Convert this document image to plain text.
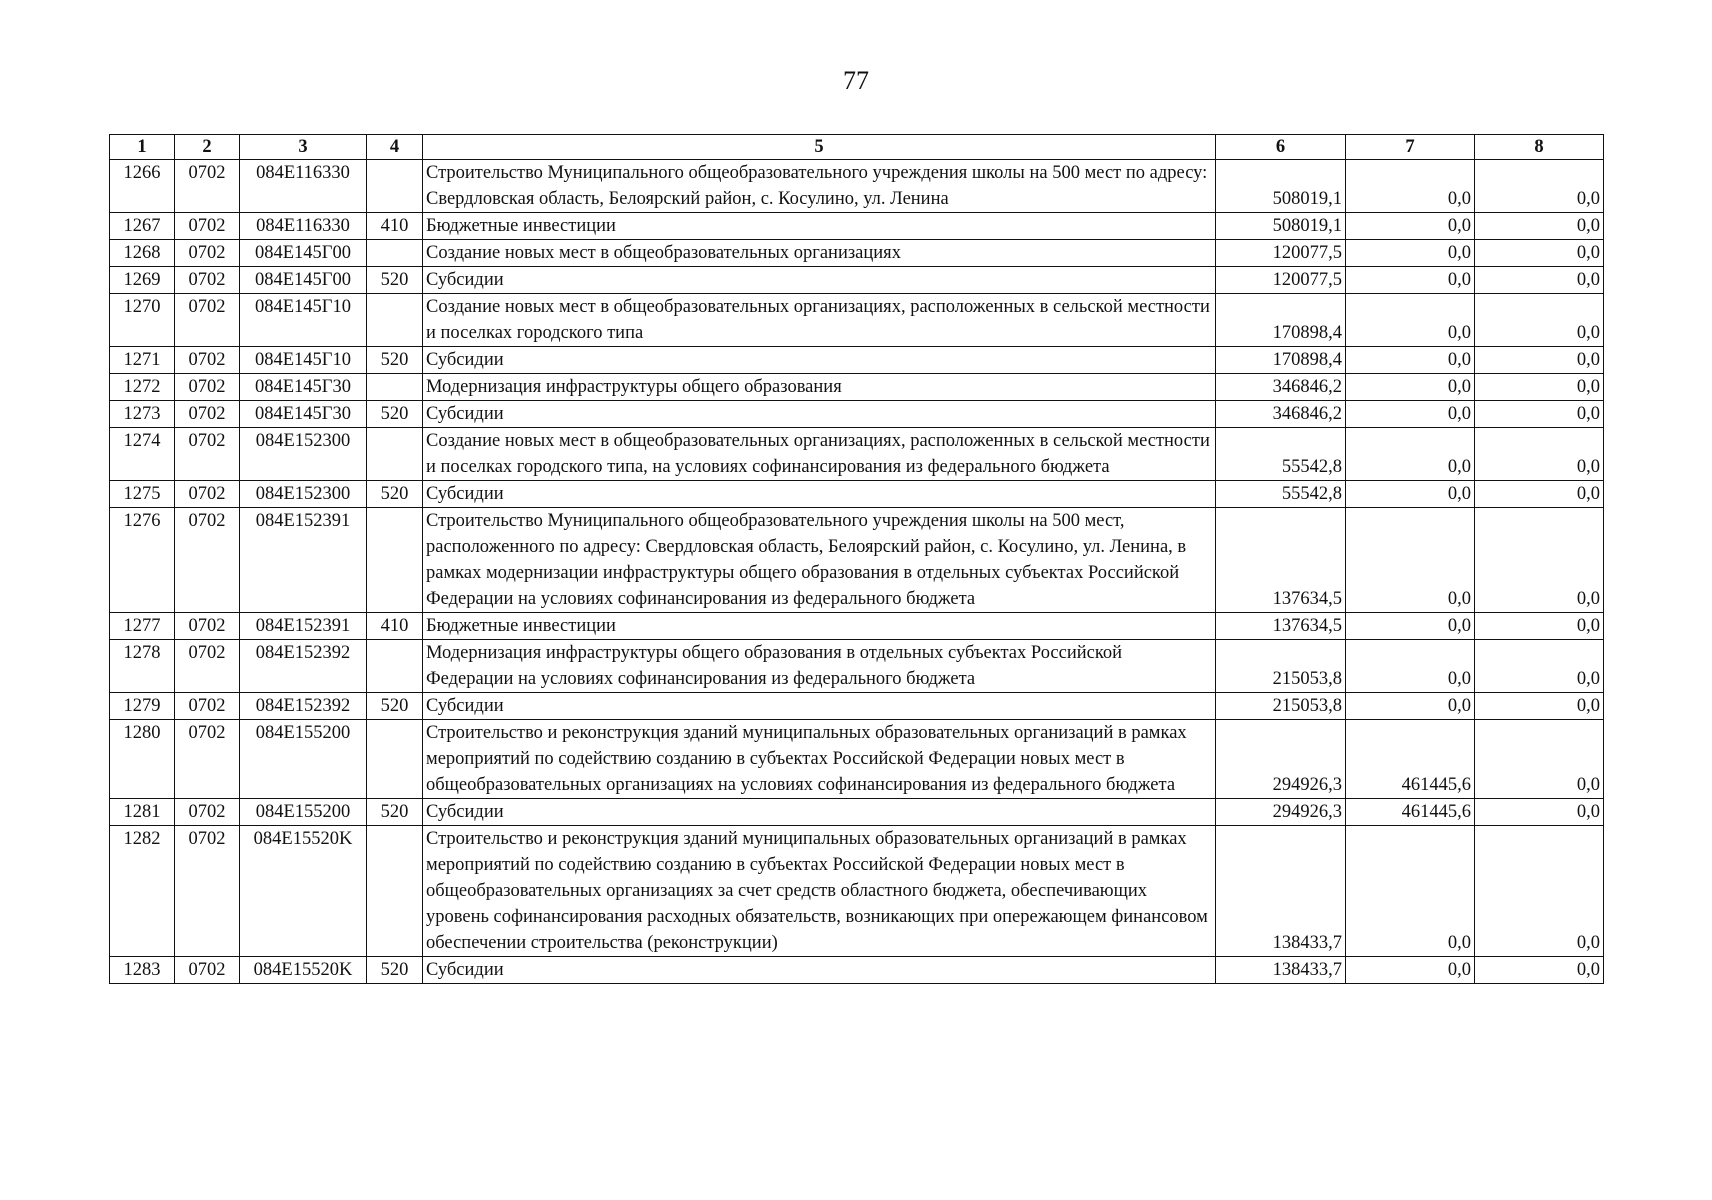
77
1	2	3	4	5	6	7	8
1266	0702	084E116330		Строительство Муниципального общеобразовательного учреждения школы на 500 мест по адресу: Свердловская область, Белоярский район, с. Косулино, ул. Ленина	508019,1	0,0	0,0
1267	0702	084E116330	410	Бюджетные инвестиции	508019,1	0,0	0,0
1268	0702	084E145Г00		Создание новых мест в общеобразовательных организациях	120077,5	0,0	0,0
1269	0702	084E145Г00	520	Субсидии	120077,5	0,0	0,0
1270	0702	084E145Г10		Создание новых мест в общеобразовательных организациях, расположенных в сельской местности и поселках городского типа	170898,4	0,0	0,0
1271	0702	084E145Г10	520	Субсидии	170898,4	0,0	0,0
1272	0702	084E145Г30		Модернизация инфраструктуры общего образования	346846,2	0,0	0,0
1273	0702	084E145Г30	520	Субсидии	346846,2	0,0	0,0
1274	0702	084E152300		Создание новых мест в общеобразовательных организациях, расположенных в сельской местности и поселках городского типа, на условиях софинансирования из федерального бюджета	55542,8	0,0	0,0
1275	0702	084E152300	520	Субсидии	55542,8	0,0	0,0
1276	0702	084E152391		Строительство Муниципального общеобразовательного учреждения школы на 500 мест, расположенного по адресу: Свердловская область, Белоярский район, с. Косулино, ул. Ленина, в рамках модернизации инфраструктуры общего образования в отдельных субъектах Российской Федерации на условиях софинансирования из федерального бюджета	137634,5	0,0	0,0
1277	0702	084E152391	410	Бюджетные инвестиции	137634,5	0,0	0,0
1278	0702	084E152392		Модернизация инфраструктуры общего образования в отдельных субъектах Российской Федерации на условиях софинансирования из федерального бюджета	215053,8	0,0	0,0
1279	0702	084E152392	520	Субсидии	215053,8	0,0	0,0
1280	0702	084E155200		Строительство и реконструкция зданий муниципальных образовательных организаций в рамках мероприятий по содействию созданию в субъектах Российской Федерации новых мест в общеобразовательных организациях на условиях софинансирования из федерального бюджета	294926,3	461445,6	0,0
1281	0702	084E155200	520	Субсидии	294926,3	461445,6	0,0
1282	0702	084E15520K		Строительство и реконструкция зданий муниципальных образовательных организаций в рамках мероприятий по содействию созданию в субъектах Российской Федерации новых мест в общеобразовательных организациях за счет средств областного бюджета, обеспечивающих уровень софинансирования расходных обязательств, возникающих при опережающем финансовом обеспечении строительства (реконструкции)	138433,7	0,0	0,0
1283	0702	084E15520K	520	Субсидии	138433,7	0,0	0,0
